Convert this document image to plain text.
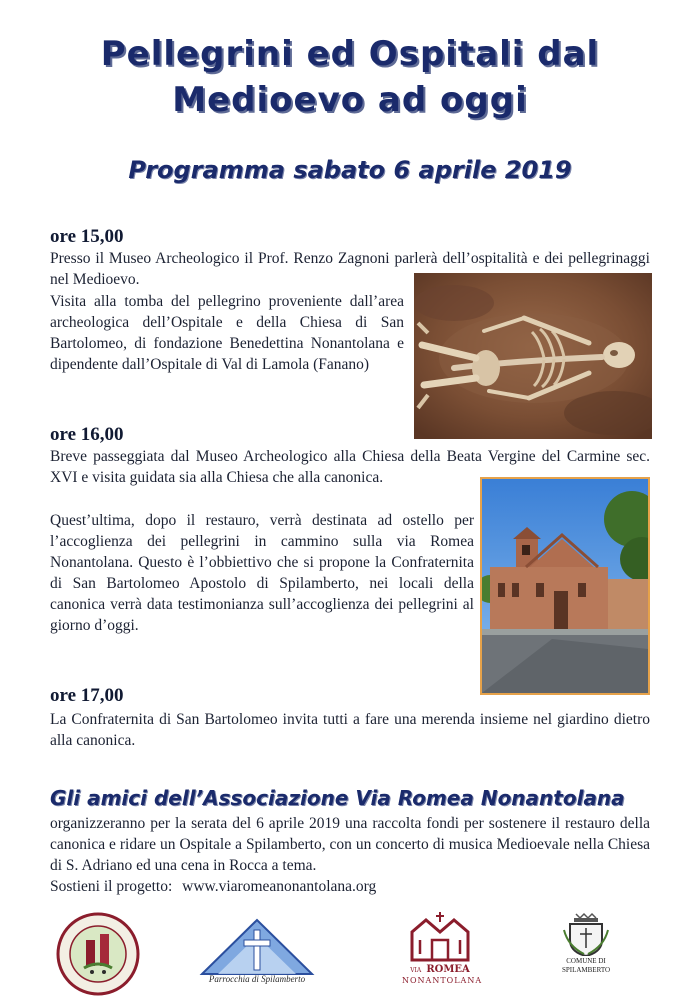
Pellegrini ed Ospitali dal
Medioevo ad oggi
Programma sabato 6 aprile 2019
ore 15,00
Presso il Museo Archeologico il Prof. Renzo Zagnoni parlerà dell’ospitalità e dei pellegrinaggi nel Medioevo.
Visita alla tomba del pellegrino proveniente dall’area archeologica dell’Ospitale e della Chiesa di San Bartolomeo, di fondazione Benedettina Nonantolana e dipendente dall’Ospitale di Val di Lamola (Fanano)
ore 16,00
Breve passeggiata dal Museo Archeologico alla Chiesa della Beata Vergine del Carmine sec. XVI e visita guidata sia alla Chiesa che alla canonica.
Quest’ultima, dopo il restauro, verrà destinata ad ostello per l’accoglienza dei pellegrini in cammino sulla via Romea Nonantolana. Questo è l’obbiettivo che si propone la Confraternita di San Bartolomeo Apostolo di Spilamberto, nei locali della canonica verrà data testimonianza sull’accoglienza dei pellegrini al giorno d’oggi.
ore 17,00
La Confraternita di San Bartolomeo invita tutti a fare una merenda insieme nel giardino dietro alla canonica.
Gli amici dell’Associazione Via Romea Nonantolana
organizzeranno per la serata del 6 aprile 2019 una raccolta fondi per sostenere il restauro della canonica e ridare un Ospitale a Spilamberto, con un concerto di musica Medioevale nella Chiesa di S. Adriano ed una cena in Rocca a tema.
Sostieni il progetto: www.viaromeanonantolana.org
Parrocchia di Spilamberto
VIA ROMEA
NONANTOLANA
COMUNE DI
SPILAMBERTO
